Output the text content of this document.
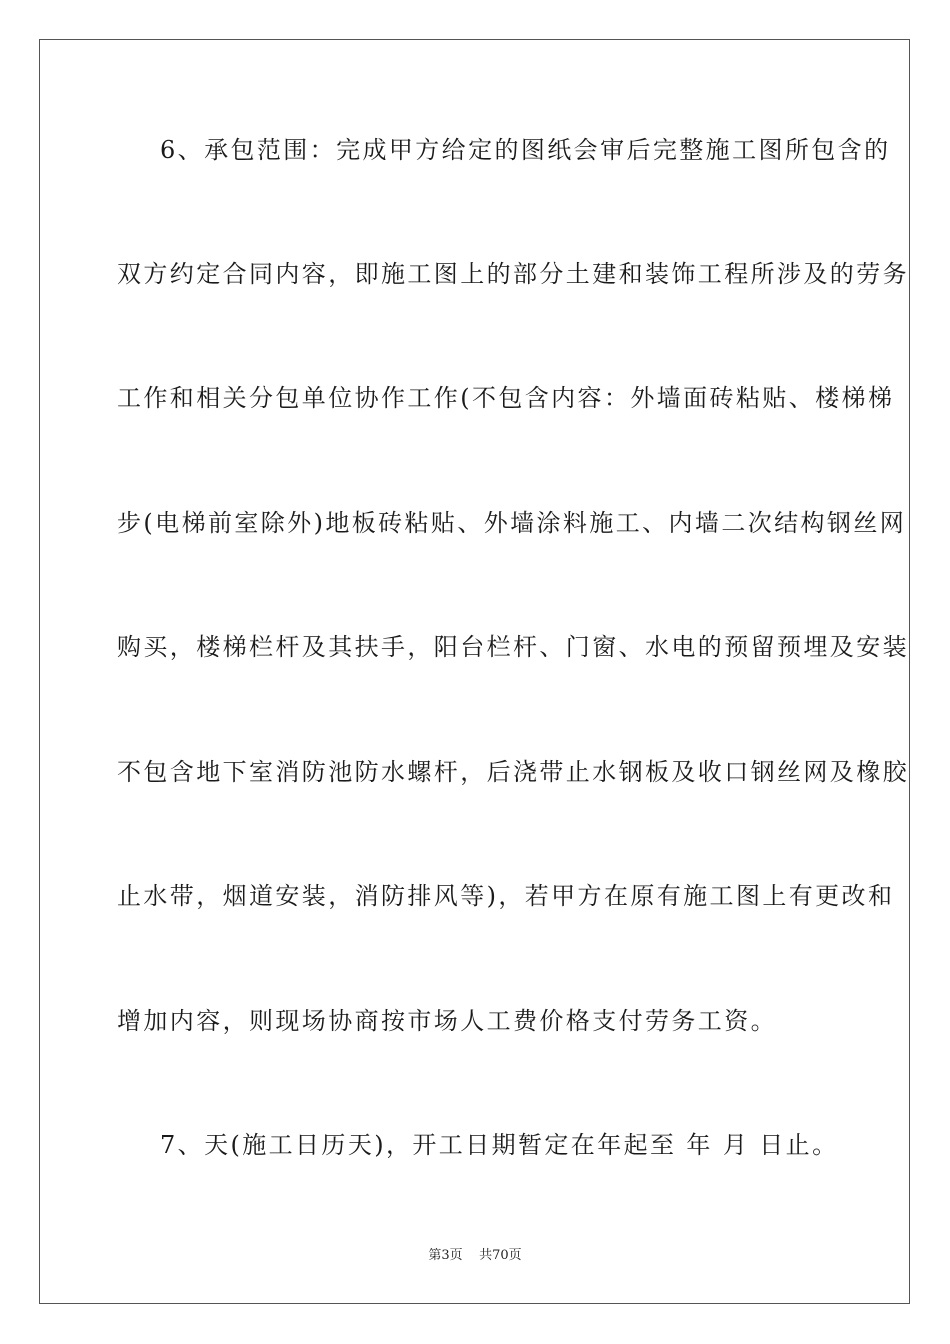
6、承包范围：完成甲方给定的图纸会审后完整施工图所包含的
双方约定合同内容，即施工图上的部分土建和装饰工程所涉及的劳务
工作和相关分包单位协作工作(不包含内容：外墙面砖粘贴、楼梯梯
步(电梯前室除外)地板砖粘贴、外墙涂料施工、内墙二次结构钢丝网
购买，楼梯栏杆及其扶手，阳台栏杆、门窗、水电的预留预埋及安装
不包含地下室消防池防水螺杆，后浇带止水钢板及收口钢丝网及橡胶
止水带，烟道安装，消防排风等)，若甲方在原有施工图上有更改和
增加内容，则现场协商按市场人工费价格支付劳务工资。
7、天(施工日历天)，开工日期暂定在年起至 年 月 日止。
第3页    共70页
